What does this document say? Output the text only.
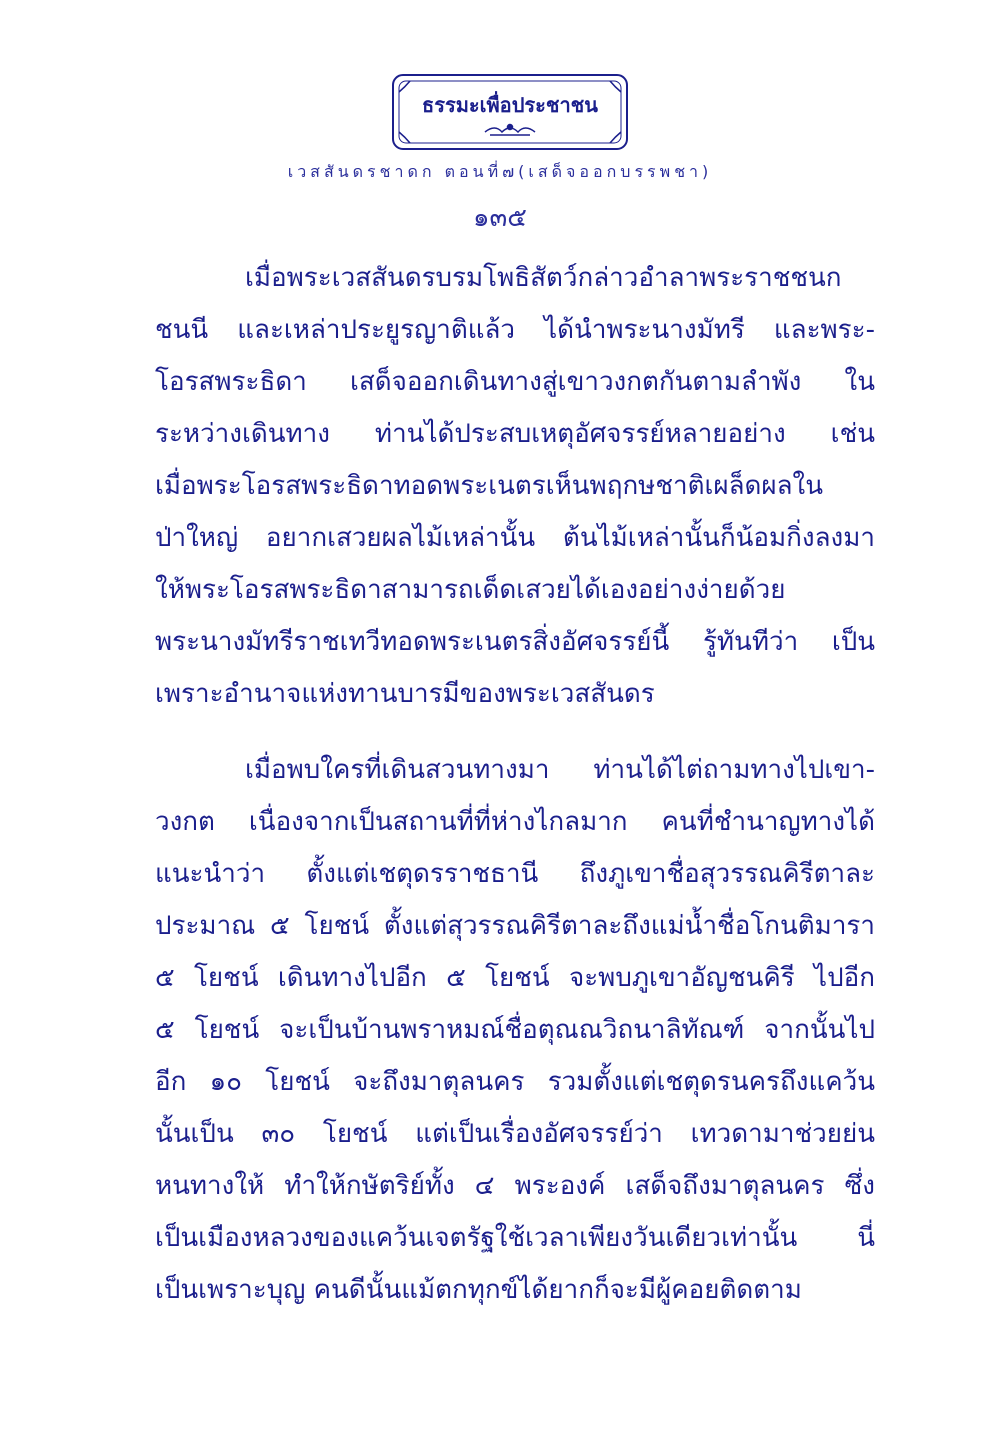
ธรรมะเพื่อประชาชน
เวสสันดรชาดก ตอนที่๗(เสด็จออกบรรพชา)
๑๓๕
เมื่อพระเวสสันดรบรมโพธิสัตว์กล่าวอำลาพระราชชนก
ชนนี และเหล่าประยูรญาติแล้ว ได้นำพระนางมัทรี และพระ-
โอรสพระธิดา เสด็จออกเดินทางสู่เขาวงกตกันตามลำพัง ใน
ระหว่างเดินทาง ท่านได้ประสบเหตุอัศจรรย์หลายอย่าง เช่น
เมื่อพระโอรสพระธิดาทอดพระเนตรเห็นพฤกษชาติเผล็ดผลใน
ป่าใหญ่ อยากเสวยผลไม้เหล่านั้น ต้นไม้เหล่านั้นก็น้อมกิ่งลงมา
ให้พระโอรสพระธิดาสามารถเด็ดเสวยได้เองอย่างง่ายด้วย
พระนางมัทรีราชเทวีทอดพระเนตรสิ่งอัศจรรย์นี้ รู้ทันทีว่า เป็น
เพราะอำนาจแห่งทานบารมีของพระเวสสันดร
เมื่อพบใครที่เดินสวนทางมา ท่านได้ไต่ถามทางไปเขา-
วงกต เนื่องจากเป็นสถานที่ที่ห่างไกลมาก คนที่ชำนาญทางได้
แนะนำว่า ตั้งแต่เชตุดรราชธานี ถึงภูเขาชื่อสุวรรณคิรีตาละ
ประมาณ ๕ โยชน์ ตั้งแต่สุวรรณคิรีตาละถึงแม่น้ำชื่อโกนติมารา
๕ โยชน์ เดินทางไปอีก ๕ โยชน์ จะพบภูเขาอัญชนคิรี ไปอีก
๕ โยชน์ จะเป็นบ้านพราหมณ์ชื่อตุณณวิถนาลิทัณฑ์ จากนั้นไป
อีก ๑๐ โยชน์ จะถึงมาตุลนคร รวมตั้งแต่เชตุดรนครถึงแคว้น
นั้นเป็น ๓๐ โยชน์ แต่เป็นเรื่องอัศจรรย์ว่า เทวดามาช่วยย่น
หนทางให้ ทำให้กษัตริย์ทั้ง ๔ พระองค์ เสด็จถึงมาตุลนคร ซึ่ง
เป็นเมืองหลวงของแคว้นเจตรัฐใช้เวลาเพียงวันเดียวเท่านั้น นี่
เป็นเพราะบุญ คนดีนั้นแม้ตกทุกข์ได้ยากก็จะมีผู้คอยติดตาม
